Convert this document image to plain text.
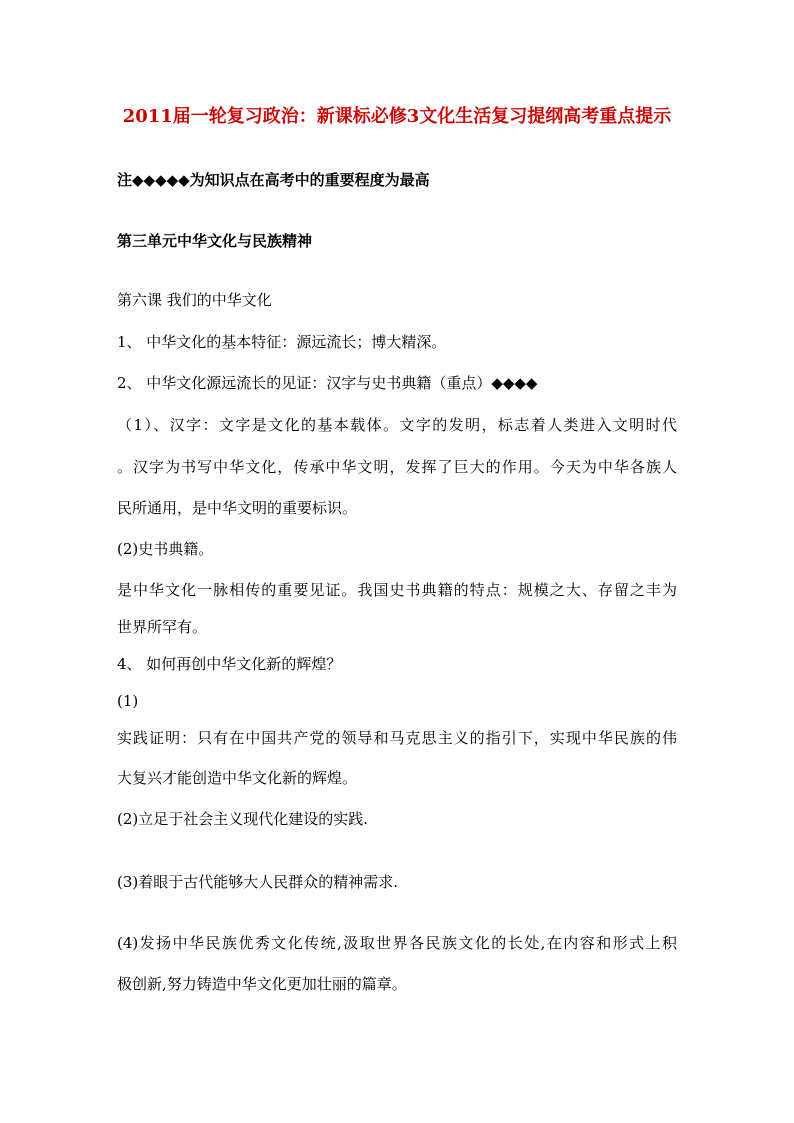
2011届一轮复习政治：新课标必修3文化生活复习提纲高考重点提示
注◆◆◆◆◆为知识点在高考中的重要程度为最高
第三单元中华文化与民族精神
第六课 我们的中华文化
1、 中华文化的基本特征：源远流长；博大精深。
2、 中华文化源远流长的见证：汉字与史书典籍（重点）◆◆◆◆
（1）、汉字：文字是文化的基本载体。文字的发明，标志着人类进入文明时代
。汉字为书写中华文化，传承中华文明，发挥了巨大的作用。今天为中华各族人
民所通用，是中华文明的重要标识。
(2)史书典籍。
是中华文化一脉相传的重要见证。我国史书典籍的特点：规模之大、存留之丰为
世界所罕有。
4、 如何再创中华文化新的辉煌？
(1)
实践证明：只有在中国共产党的领导和马克思主义的指引下，实现中华民族的伟
大复兴才能创造中华文化新的辉煌。
(2)立足于社会主义现代化建设的实践.
(3)着眼于古代能够大人民群众的精神需求.
(4)发扬中华民族优秀文化传统,汲取世界各民族文化的长处,在内容和形式上积
极创新,努力铸造中华文化更加壮丽的篇章。
